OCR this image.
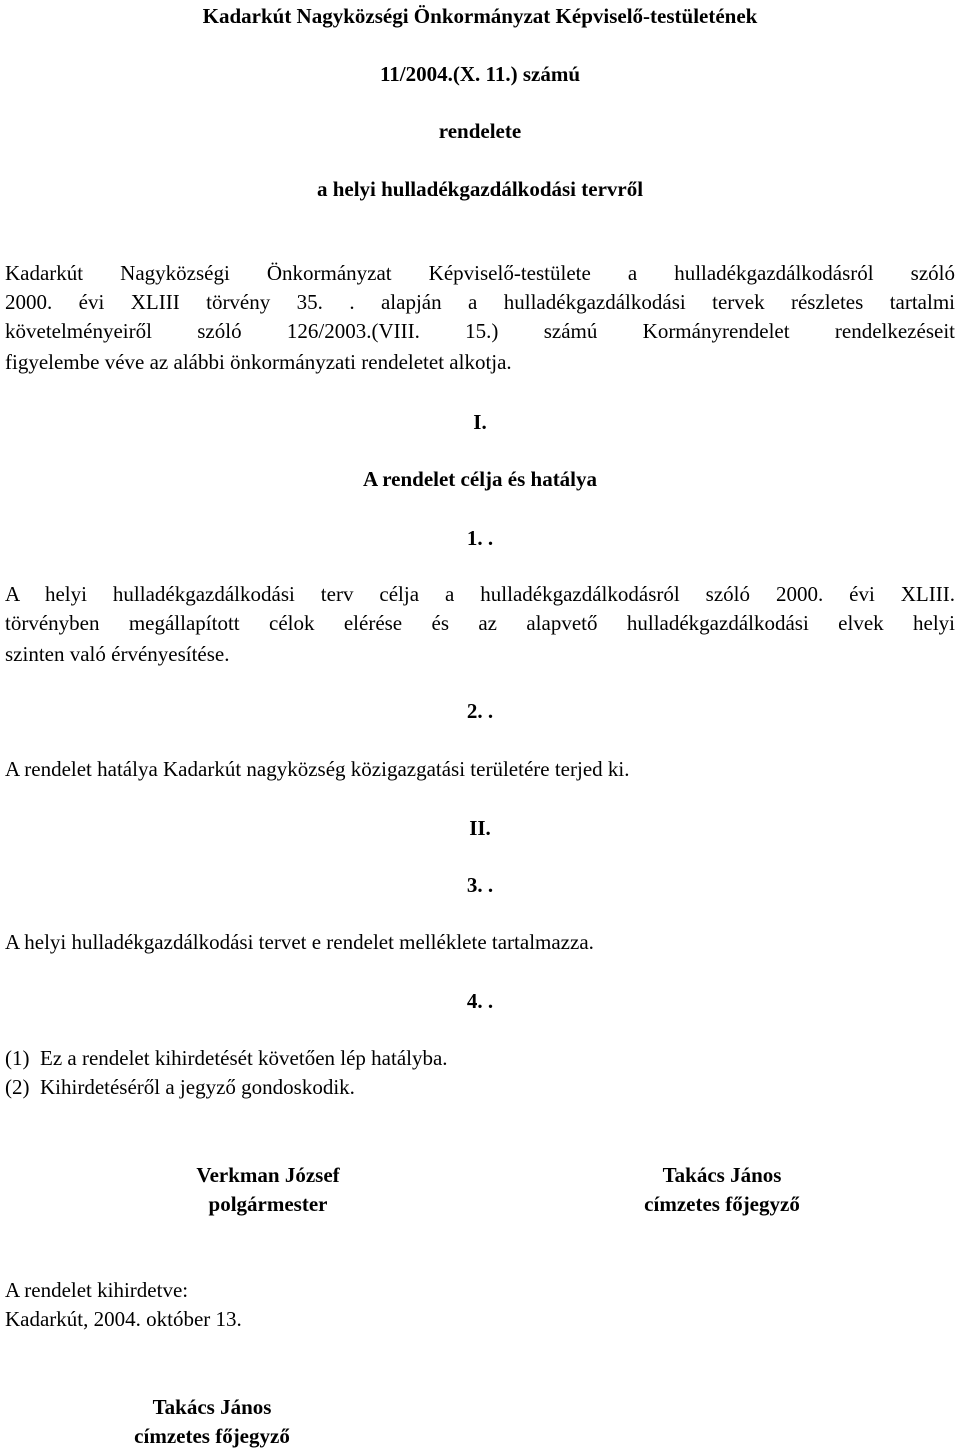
Kadarkút Nagyközségi Önkormányzat Képviselő-testületének
11/2004.(X. 11.) számú
rendelete
a helyi hulladékgazdálkodási tervről
Kadarkút Nagyközségi Önkormányzat Képviselő-testülete a hulladékgazdálkodásról szóló
2000. évi XLIII törvény 35. . alapján a hulladékgazdálkodási tervek részletes tartalmi
követelményeiről szóló 126/2003.(VIII. 15.) számú Kormányrendelet rendelkezéseit
figyelembe véve az alábbi önkormányzati rendeletet alkotja.
I.
A rendelet célja és hatálya
1. .
A helyi hulladékgazdálkodási terv célja a hulladékgazdálkodásról szóló 2000. évi XLIII.
törvényben megállapított célok elérése és az alapvető hulladékgazdálkodási elvek helyi
szinten való érvényesítése.
2. .
A rendelet hatálya Kadarkút nagyközség közigazgatási területére terjed ki.
II.
3. .
A helyi hulladékgazdálkodási tervet e rendelet melléklete tartalmazza.
4. .
(1)  Ez a rendelet kihirdetését követően lép hatályba.
(2)  Kihirdetéséről a jegyző gondoskodik.
Verkman József
polgármester
Takács János
címzetes főjegyző
A rendelet kihirdetve:
Kadarkút, 2004. október 13.
Takács János
címzetes főjegyző
